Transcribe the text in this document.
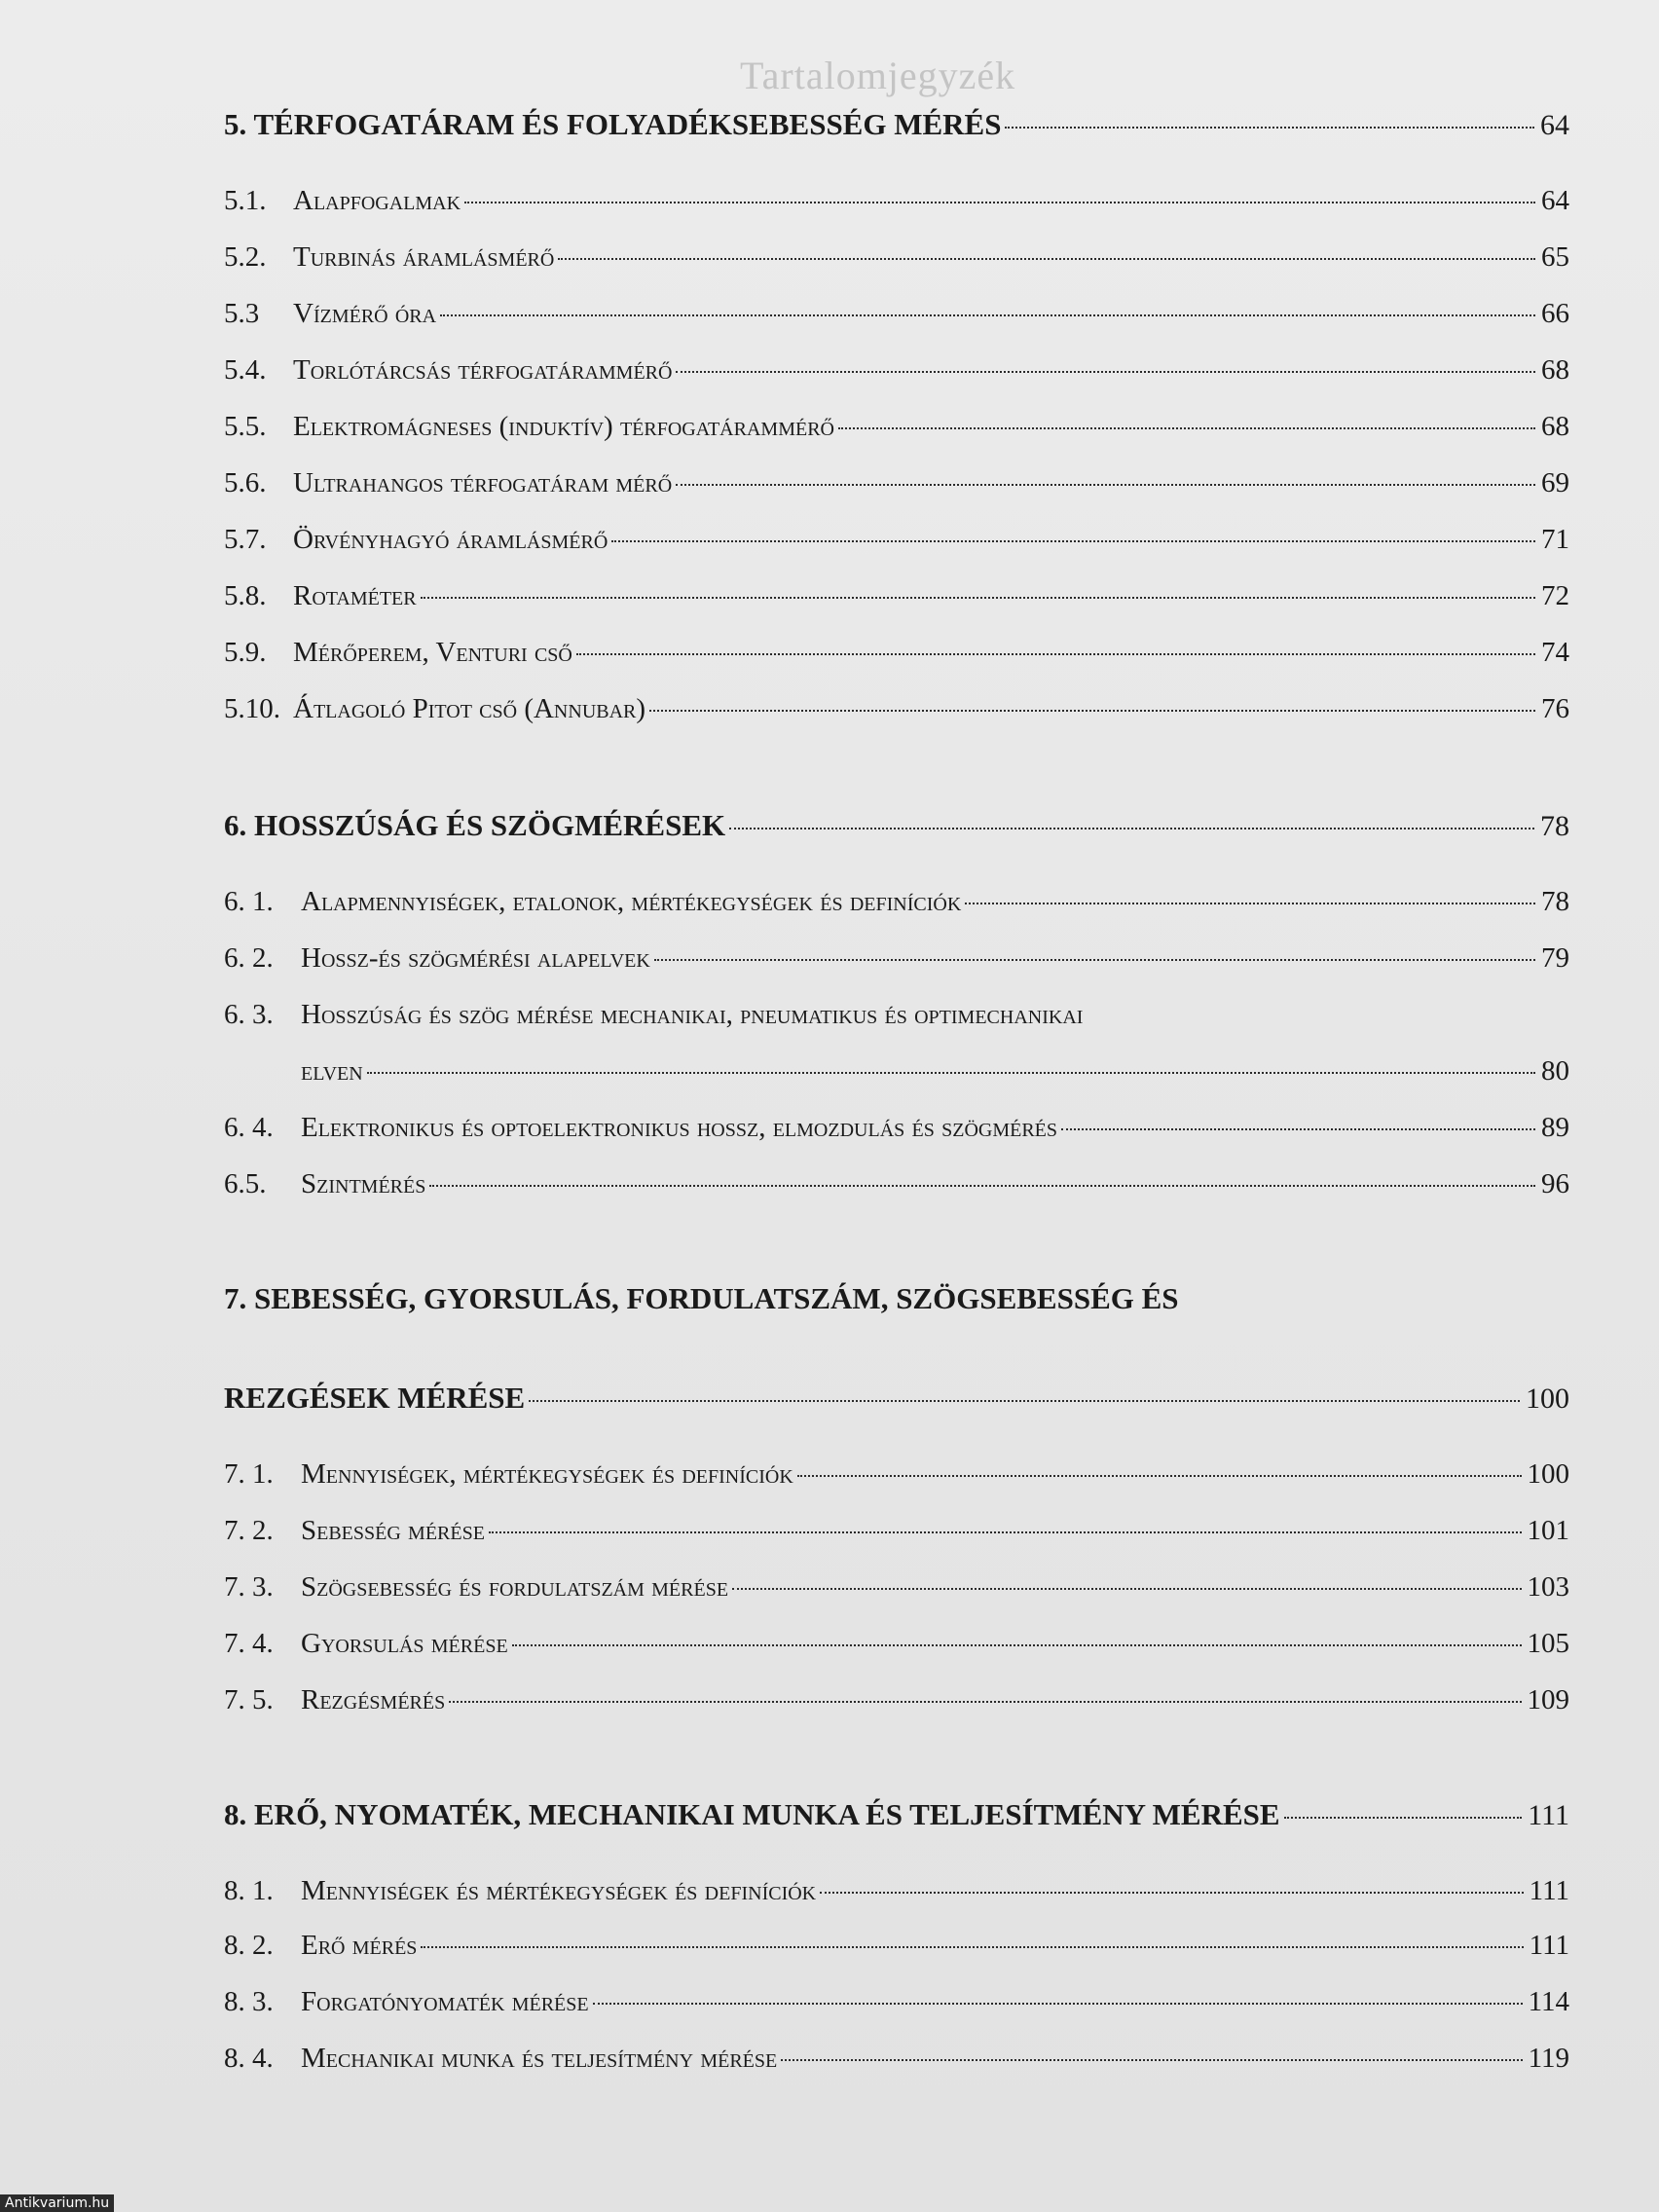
Tartalomjegyzék
5. TÉRFOGATÁRAM ÉS FOLYADÉKSEBESSÉG MÉRÉS	64
5.1. Alapfogalmak	64
5.2. Turbinás áramlásmérő	65
5.3	Vízmérő óra	66
5.4. Torlótárcsás térfogatárammérő	68
5.5. Elektromágneses (induktív) térfogatárammérő	68
5.6. Ultrahangos térfogatáram mérő	69
5.7. Örvényhagyó áramlásmérő	71
5.8. Rotaméter	72
5.9. Mérőperem, Venturi cső	74
5.10. Átlagoló Pitot cső (Annubar)	76
6. HOSSZÚSÁG ÉS SZÖGMÉRÉSEK	78
6. 1. Alapmennyiségek, etalonok, mértékegységek és definíciók	78
6. 2. Hossz-és szögmérési alapelvek	79
6. 3. Hosszúság és szög mérése mechanikai, pneumatikus és optimechanikai
elven	80
6. 4. Elektronikus és optoelektronikus hossz, elmozdulás és szögmérés	89
6.5.	Szintmérés	96
7. SEBESSÉG, GYORSULÁS, FORDULATSZÁM, SZÖGSEBESSÉG ÉS
REZGÉSEK MÉRÉSE	100
7. 1. Mennyiségek, mértékegységek és definíciók	100
7. 2. Sebesség mérése	101
7. 3. Szögsebesség és fordulatszám mérése	103
7. 4. Gyorsulás mérése	105
7. 5. Rezgésmérés	109
8. ERŐ, NYOMATÉK, MECHANIKAI MUNKA ÉS TELJESÍTMÉNY MÉRÉSE	111
8. 1. Mennyiségek és mértékegységek és definíciók	111
8. 2. Erő mérés	111
8. 3. Forgatónyomaték mérése	114
8. 4. Mechanikai munka és teljesítmény mérése	119
Antikvarium.hu
